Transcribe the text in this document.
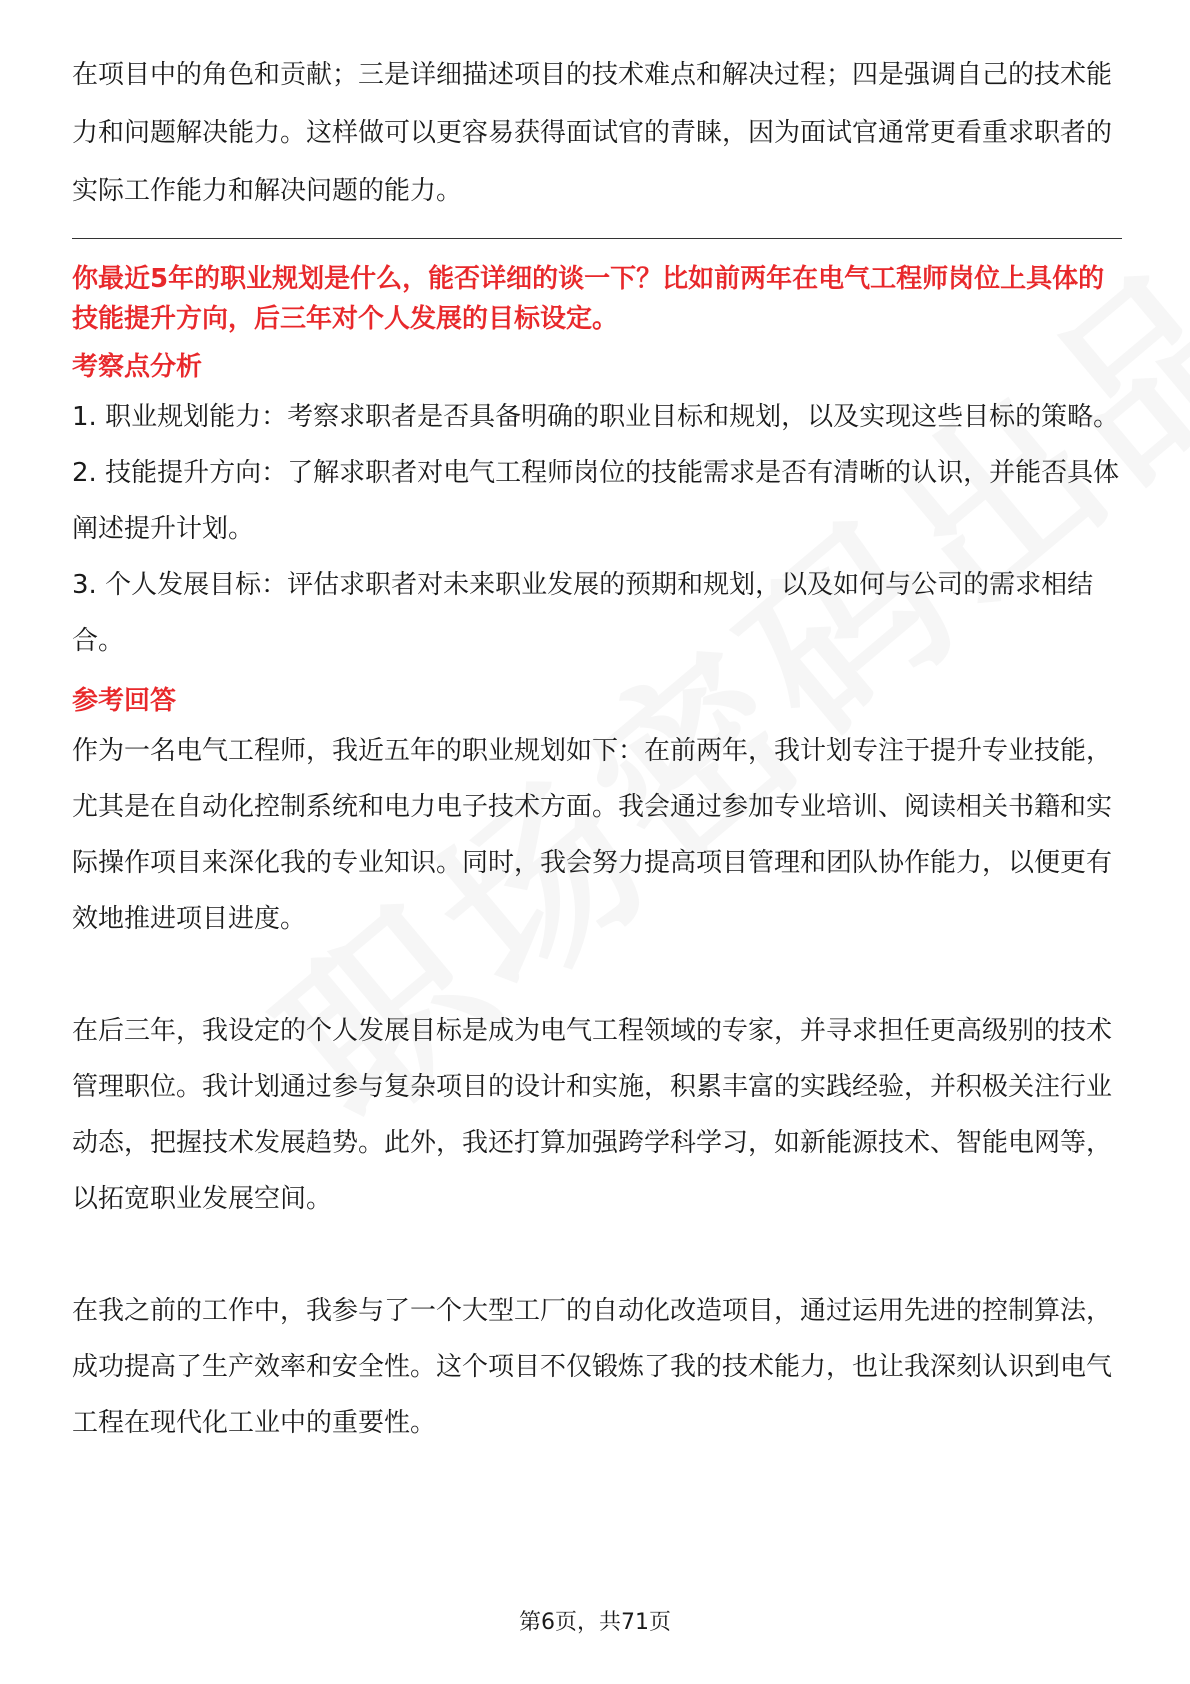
在项目中的角色和贡献；三是详细描述项目的技术难点和解决过程；四是强调自己的技术能力和问题解决能力。这样做可以更容易获得面试官的青睐，因为面试官通常更看重求职者的实际工作能力和解决问题的能力。

你最近5年的职业规划是什么，能否详细的谈一下？比如前两年在电气工程师岗位上具体的技能提升方向，后三年对个人发展的目标设定。

考察点分析

1. 职业规划能力：考察求职者是否具备明确的职业目标和规划，以及实现这些目标的策略。

2. 技能提升方向：了解求职者对电气工程师岗位的技能需求是否有清晰的认识，并能否具体阐述提升计划。

3. 个人发展目标：评估求职者对未来职业发展的预期和规划，以及如何与公司的需求相结合。

参考回答

作为一名电气工程师，我近五年的职业规划如下：在前两年，我计划专注于提升专业技能，尤其是在自动化控制系统和电力电子技术方面。我会通过参加专业培训、阅读相关书籍和实际操作项目来深化我的专业知识。同时，我会努力提高项目管理和团队协作能力，以便更有效地推进项目进度。

在后三年，我设定的个人发展目标是成为电气工程领域的专家，并寻求担任更高级别的技术管理职位。我计划通过参与复杂项目的设计和实施，积累丰富的实践经验，并积极关注行业动态，把握技术发展趋势。此外，我还打算加强跨学科学习，如新能源技术、智能电网等，以拓宽职业发展空间。

在我之前的工作中，我参与了一个大型工厂的自动化改造项目，通过运用先进的控制算法，成功提高了生产效率和安全性。这个项目不仅锻炼了我的技术能力，也让我深刻认识到电气工程在现代化工业中的重要性。

第6页，共71页
